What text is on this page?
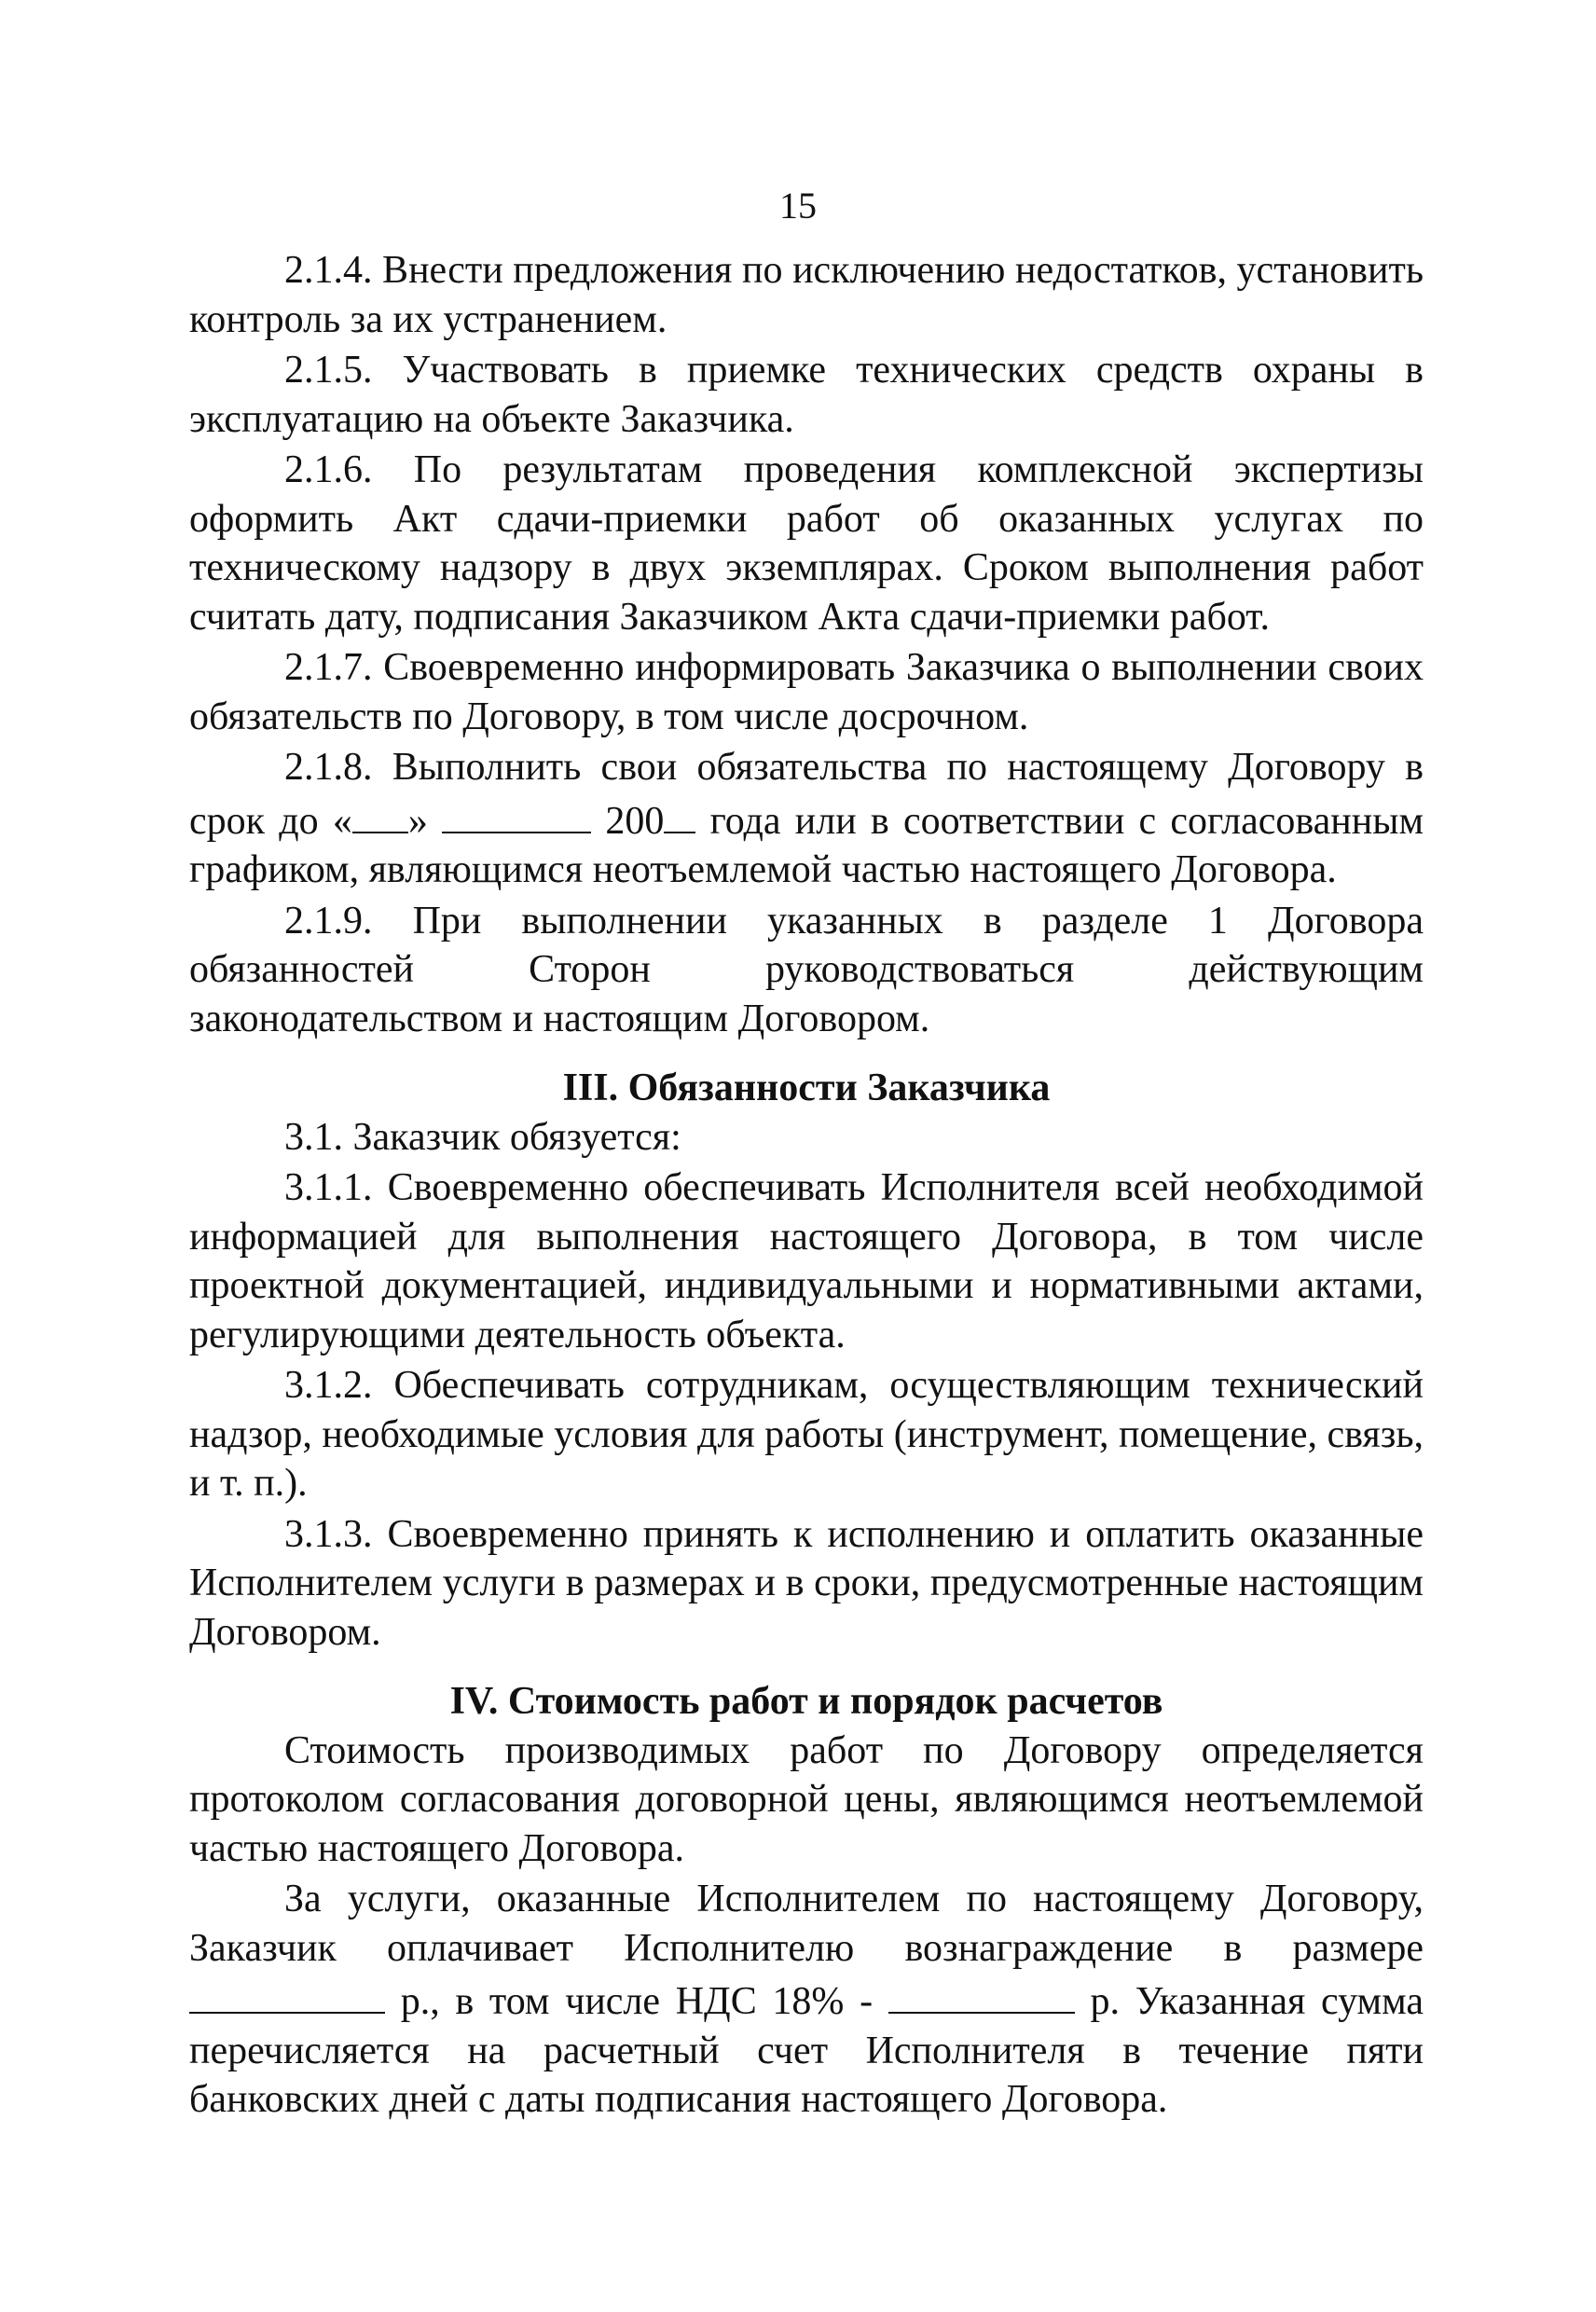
15

2.1.4. Внести предложения по исключению недостатков, установить контроль за их устранением.

2.1.5. Участвовать в приемке технических средств охраны в эксплуатацию на объекте Заказчика.

2.1.6. По результатам проведения комплексной экспертизы оформить Акт сдачи-приемки работ об оказанных услугах по техническому надзору в двух экземплярах. Сроком выполнения работ считать дату, подписания Заказчиком Акта сдачи-приемки работ.

2.1.7. Своевременно информировать Заказчика о выполнении своих обязательств по Договору, в том числе досрочном.

2.1.8. Выполнить свои обязательства по настоящему Договору в срок до « »	200 года или в соответствии с согласованным графиком, являющимся неотъемлемой частью настоящего Договора.

2.1.9. При выполнении указанных в разделе 1 Договора обязанностей Сторон руководствоваться действующим законодательством и настоящим Договором.

III. Обязанности Заказчика

3.1. Заказчик обязуется:

3.1.1. Своевременно обеспечивать Исполнителя всей необходимой информацией для выполнения настоящего Договора, в том числе проектной документацией, индивидуальными и нормативными актами, регулирующими деятельность объекта.

3.1.2. Обеспечивать сотрудникам, осуществляющим технический надзор, необходимые условия для работы (инструмент, помещение, связь, и т. п.).

3.1.3. Своевременно принять к исполнению и оплатить оказанные Исполнителем услуги в размерах и в сроки, предусмотренные настоящим Договором.

IV. Стоимость работ и порядок расчетов

Стоимость производимых работ по Договору определяется протоколом согласования договорной цены, являющимся неотъемлемой частью настоящего Договора.

За услуги, оказанные Исполнителем по настоящему Договору, Заказчик оплачивает Исполнителю вознаграждение в размере  р., в том числе НДС 18% -	р. Указанная сумма перечисляется на расчетный счет Исполнителя в течение пяти банковских дней с даты подписания настоящего Договора.
